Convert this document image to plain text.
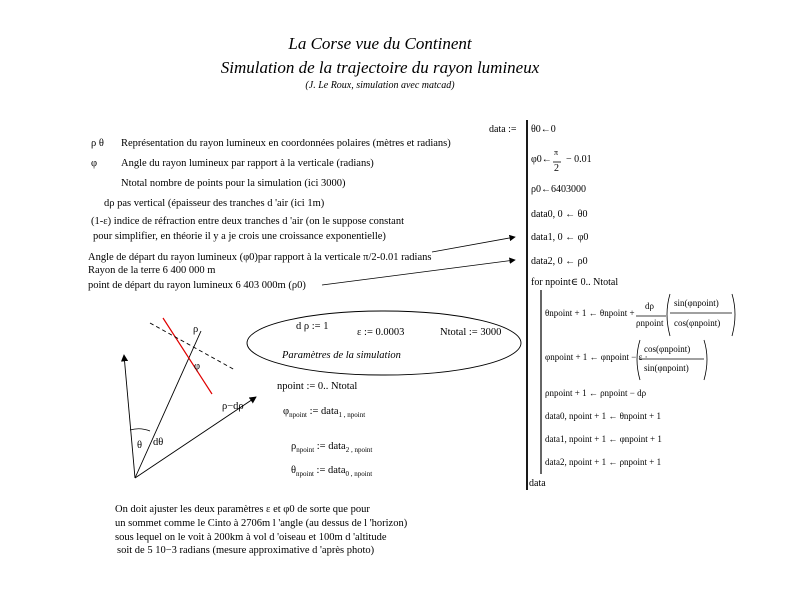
La Corse vue du Continent
Simulation de la trajectoire du rayon lumineux
(J. Le Roux, simulation avec matcad)
ρ θ Représentation du rayon lumineux en coordonnées polaires (mètres et radians)
φ Angle du rayon lumineux par rapport à la verticale (radians)
Ntotal nombre de points pour la simulation (ici 3000)
dρ pas vertical (épaisseur des tranches d 'air (ici 1m)
(1-ε) indice de réfraction entre deux tranches d 'air (on le suppose constant
pour simplifier, en théorie il y a je crois une croissance exponentielle)
Angle de départ du rayon lumineux (φ0)par rapport à la verticale π/2-0.01 radians
Rayon de la terre 6 400 000 m
point de départ du rayon lumineux 6 403 000m (ρ0)
ρ
φ
ρ−dρ
θ dθ
d ρ := 1
ε := 0.0003	Ntotal := 3000
Paramètres de la simulation
npoint := 0.. Ntotal
$\varphi_{npoint}$ := data$_{1 , npoint}$
$\rho_{npoint}$ := data$_{2 , npoint}$
$\theta_{npoint}$ := data$_{0 , npoint}$
data := θ0←0
φ0←
π
2
− 0.01
ρ0←6403000
data0, 0 ← θ0
data1, 0 ← φ0
data2, 0 ← ρ0
for npoint∈ 0.. Ntotal
θnpoint + 1 ← θnpoint +
dρ
ρnpoint
sin(φnpoint)
cos(φnpoint)
φnpoint + 1 ← φnpoint − ε ·
cos(φnpoint)
sin(φnpoint)
ρnpoint + 1 ← ρnpoint − dρ
data0, npoint + 1 ← θnpoint + 1
data1, npoint + 1 ← φnpoint + 1
data2, npoint + 1 ← ρnpoint + 1
data
On doit ajuster les deux paramètres ε et φ0 de sorte que pour
un sommet comme le Cinto à 2706m l 'angle (au dessus de l 'horizon)
sous lequel on le voit à 200km à vol d 'oiseau et 100m d 'altitude
soit de 5 10−3 radians (mesure approximative d 'après photo)
